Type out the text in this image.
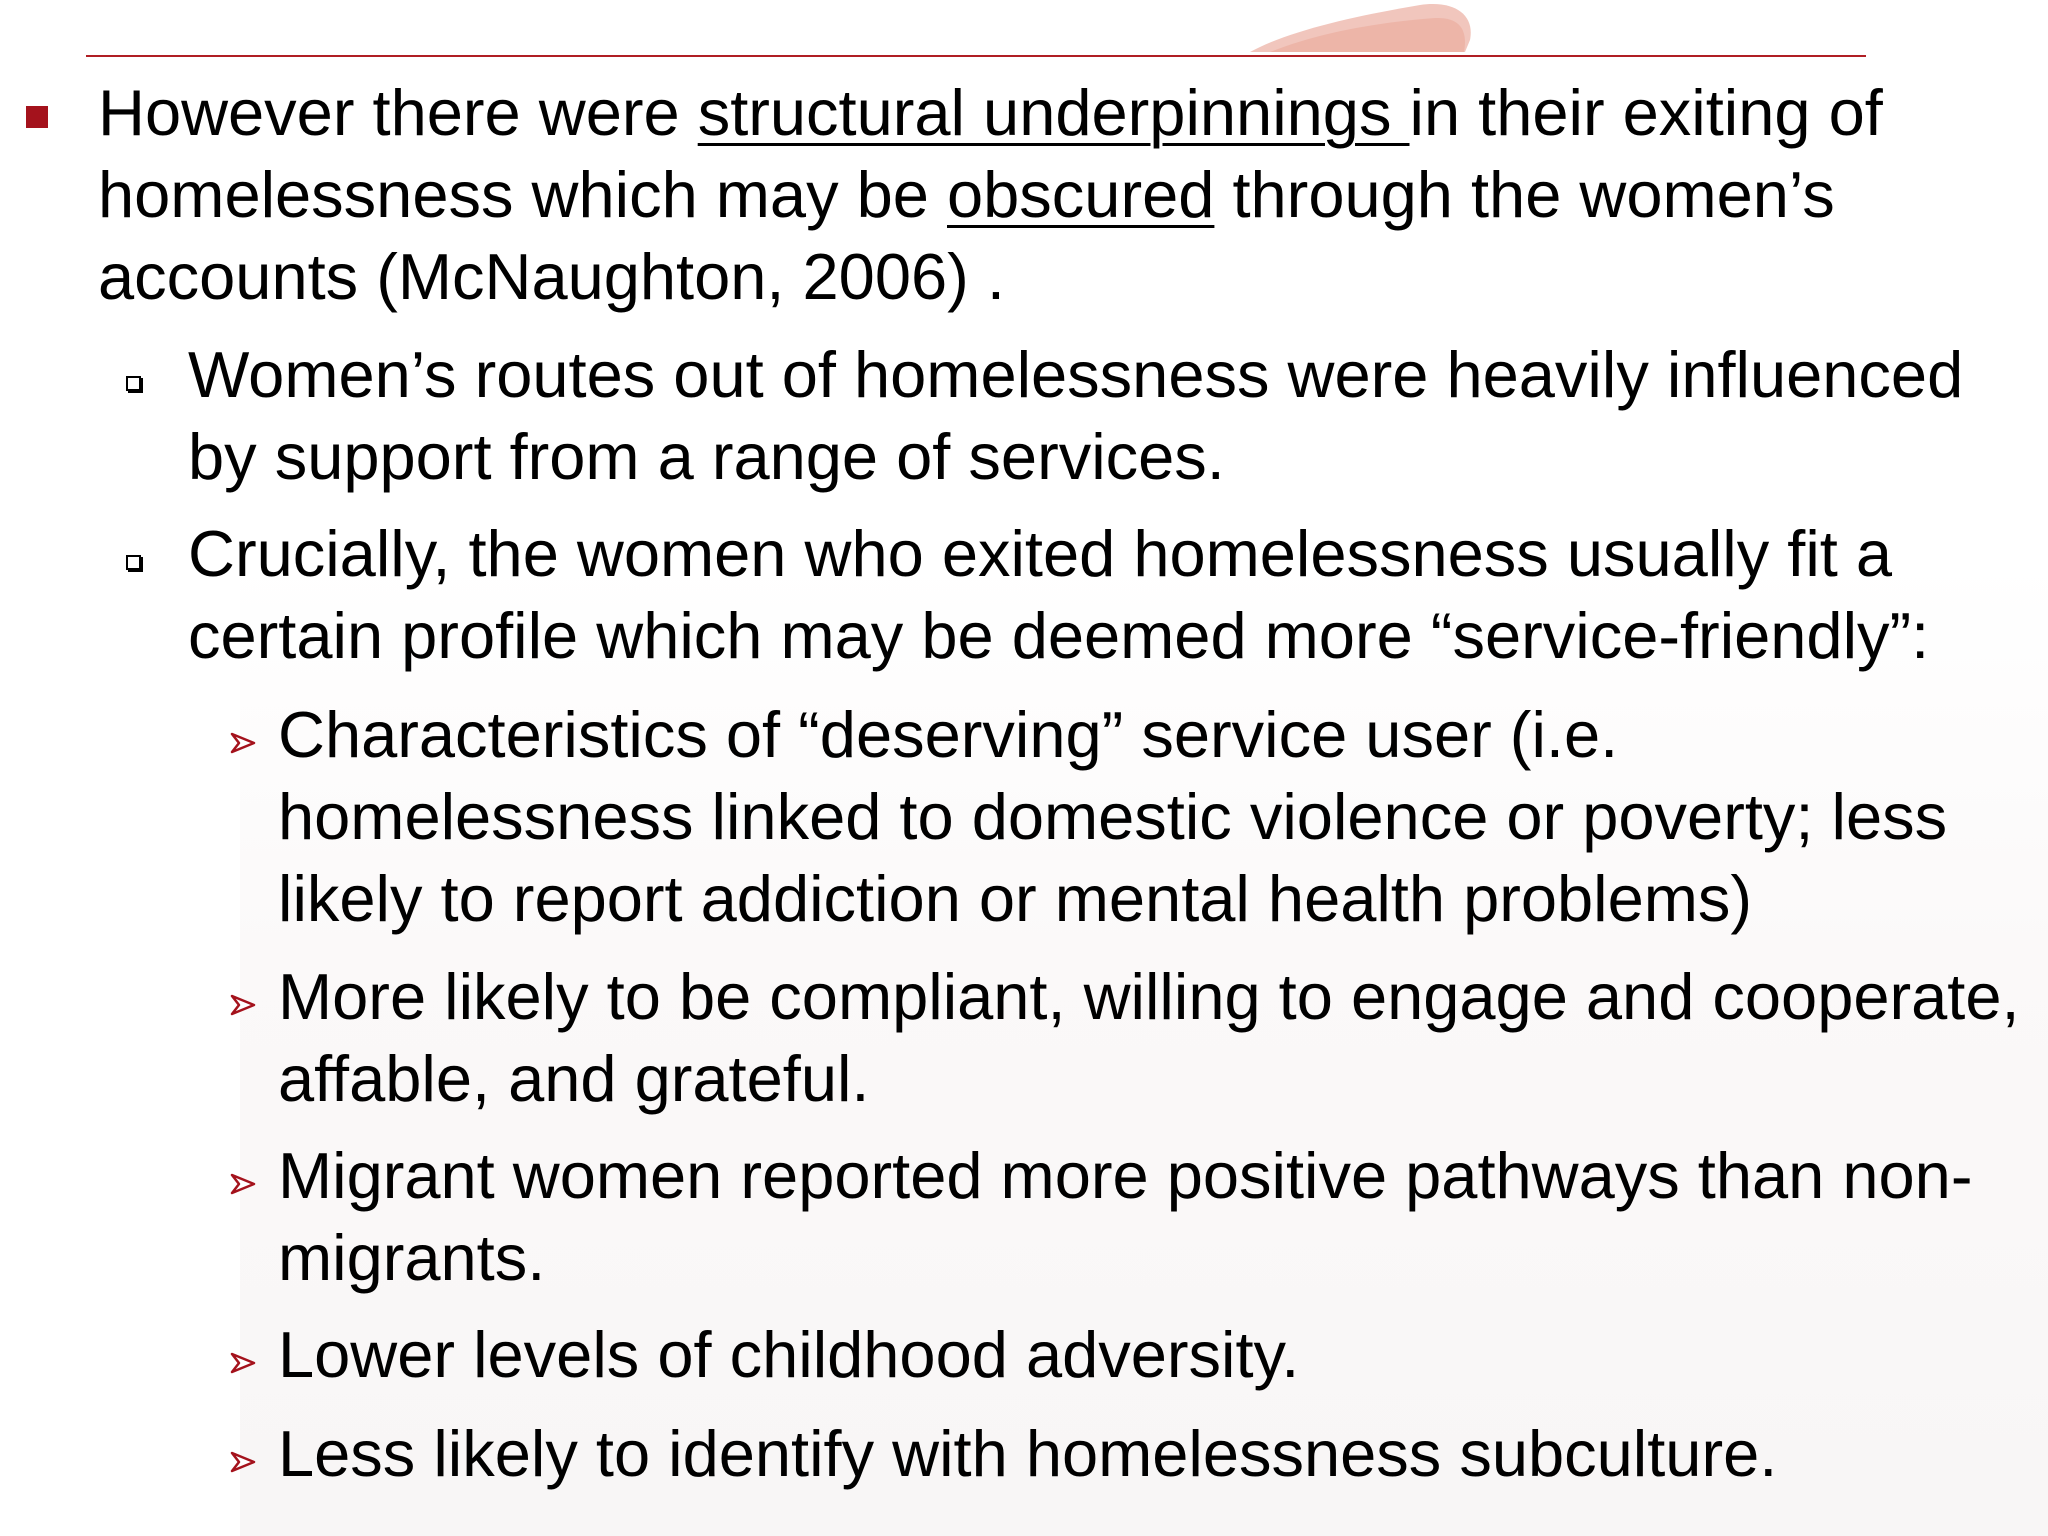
However there were structural underpinnings in their exiting of homelessness which may be obscured through the women’s accounts (McNaughton, 2006) .
Women’s routes out of homelessness were heavily influenced by support from a range of services.
Crucially, the women who exited homelessness usually fit a certain profile which may be deemed more “service-friendly”:
Characteristics of “deserving” service user (i.e. homelessness linked to domestic violence or poverty; less likely to report addiction or mental health problems)
More likely to be compliant, willing to engage and cooperate, affable, and grateful.
Migrant women reported more positive pathways than non-migrants.
Lower levels of childhood adversity.
Less likely to identify with homelessness subculture.
